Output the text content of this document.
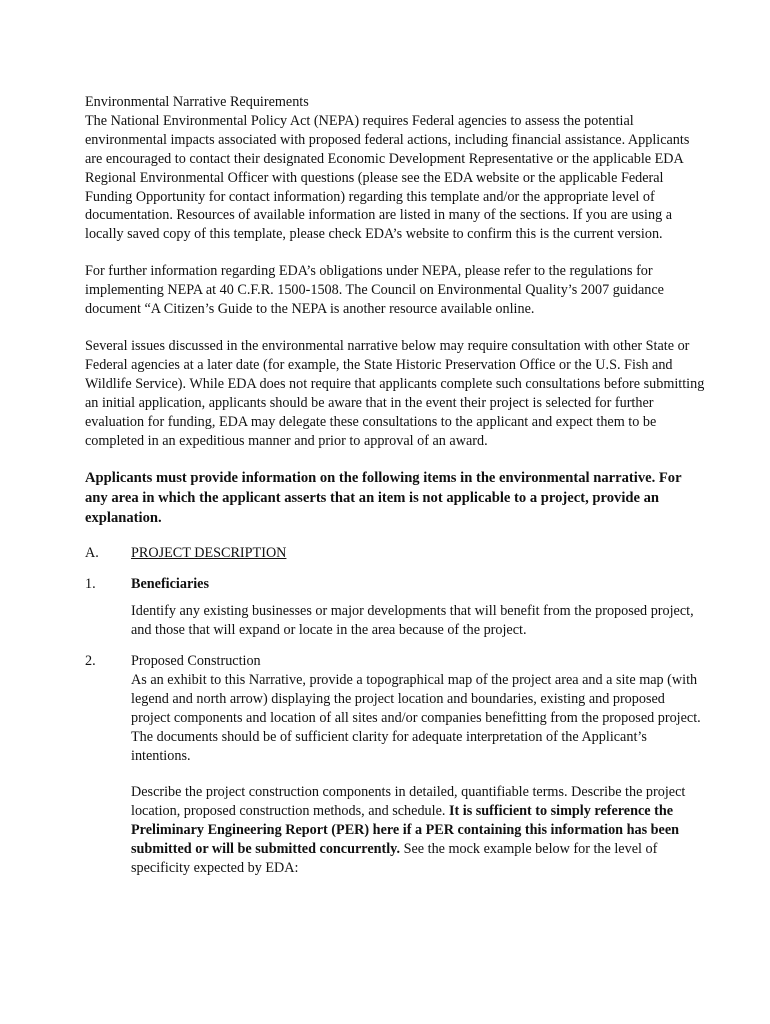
Environmental Narrative Requirements

The National Environmental Policy Act (NEPA) requires Federal agencies to assess the potential environmental impacts associated with proposed federal actions, including financial assistance. Applicants are encouraged to contact their designated Economic Development Representative or the applicable EDA Regional Environmental Officer with questions (please see the EDA website or the applicable Federal Funding Opportunity for contact information) regarding this template and/or the appropriate level of documentation. Resources of available information are listed in many of the sections. If you are using a locally saved copy of this template, please check EDA’s website to confirm this is the current version.

For further information regarding EDA’s obligations under NEPA, please refer to the regulations for implementing NEPA at 40 C.F.R. 1500-1508. The Council on Environmental Quality’s 2007 guidance document “A Citizen’s Guide to the NEPA is another resource available online.

Several issues discussed in the environmental narrative below may require consultation with other State or Federal agencies at a later date (for example, the State Historic Preservation Office or the U.S. Fish and Wildlife Service). While EDA does not require that applicants complete such consultations before submitting an initial application, applicants should be aware that in the event their project is selected for further evaluation for funding, EDA may delegate these consultations to the applicant and expect them to be completed in an expeditious manner and prior to approval of an award.

Applicants must provide information on the following items in the environmental narrative. For any area in which the applicant asserts that an item is not applicable to a project, provide an explanation.

A.	PROJECT DESCRIPTION
1.	Beneficiaries

Identify any existing businesses or major developments that will benefit from the proposed project, and those that will expand or locate in the area because of the project.

2.	Proposed Construction

As an exhibit to this Narrative, provide a topographical map of the project area and a site map (with legend and north arrow) displaying the project location and boundaries, existing and proposed project components and location of all sites and/or companies benefitting from the proposed project. The documents should be of sufficient clarity for adequate interpretation of the Applicant’s intentions.

Describe the project construction components in detailed, quantifiable terms. Describe the project location, proposed construction methods, and schedule. It is sufficient to simply reference the Preliminary Engineering Report (PER) here if a PER containing this information has been submitted or will be submitted concurrently. See the mock example below for the level of specificity expected by EDA:
